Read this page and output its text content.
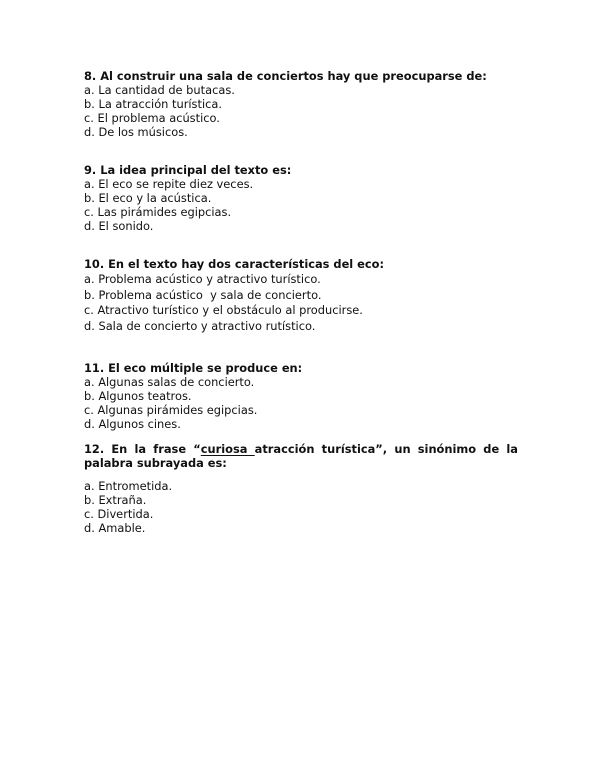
8. Al construir una sala de conciertos hay que preocuparse de:

a. La cantidad de butacas.

b. La atracción turística.

c. El problema acústico.

d. De los músicos.

9. La idea principal del texto es:

a. El eco se repite diez veces.

b. El eco y la acústica.

c. Las pirámides egipcias.

d. El sonido.

10. En el texto hay dos características del eco:

a. Problema acústico y atractivo turístico.

b. Problema acústico  y sala de concierto.

c. Atractivo turístico y el obstáculo al producirse.

d. Sala de concierto y atractivo rutístico.

11. El eco múltiple se produce en:

a. Algunas salas de concierto.

b. Algunos teatros.

c. Algunas pirámides egipcias.

d. Algunos cines.

12. En la frase “curiosa atracción turística”, un sinónimo de la palabra subrayada es:

a. Entrometida.

b. Extraña.

c. Divertida.

d. Amable.
